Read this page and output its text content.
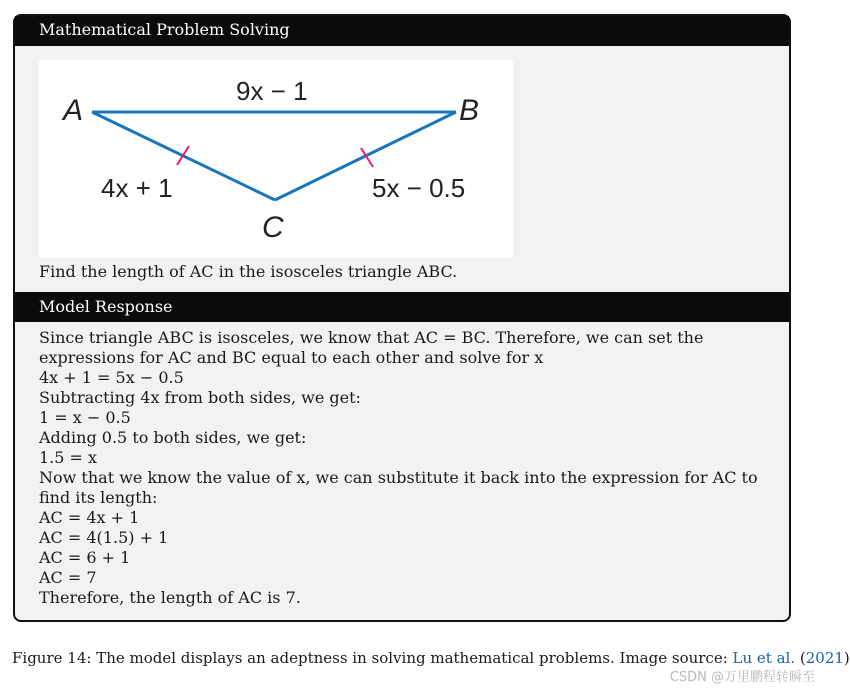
Mathematical Problem Solving
A	B
C
9x − 1
4x + 1	5x − 0.5
Find the length of AC in the isosceles triangle ABC.
Model Response
Since triangle ABC is isosceles, we know that AC = BC. Therefore, we can set the expressions for AC and BC equal to each other and solve for x
4x + 1 = 5x − 0.5
Subtracting 4x from both sides, we get:
1 = x − 0.5
Adding 0.5 to both sides, we get:
1.5 = x
Now that we know the value of x, we can substitute it back into the expression for AC to find its length:
AC = 4x + 1
AC = 4(1.5) + 1
AC = 6 + 1
AC = 7
Therefore, the length of AC is 7.
Figure 14: The model displays an adeptness in solving mathematical problems. Image source: Lu et al. (2021)
CSDN @万里鹏程转瞬至
